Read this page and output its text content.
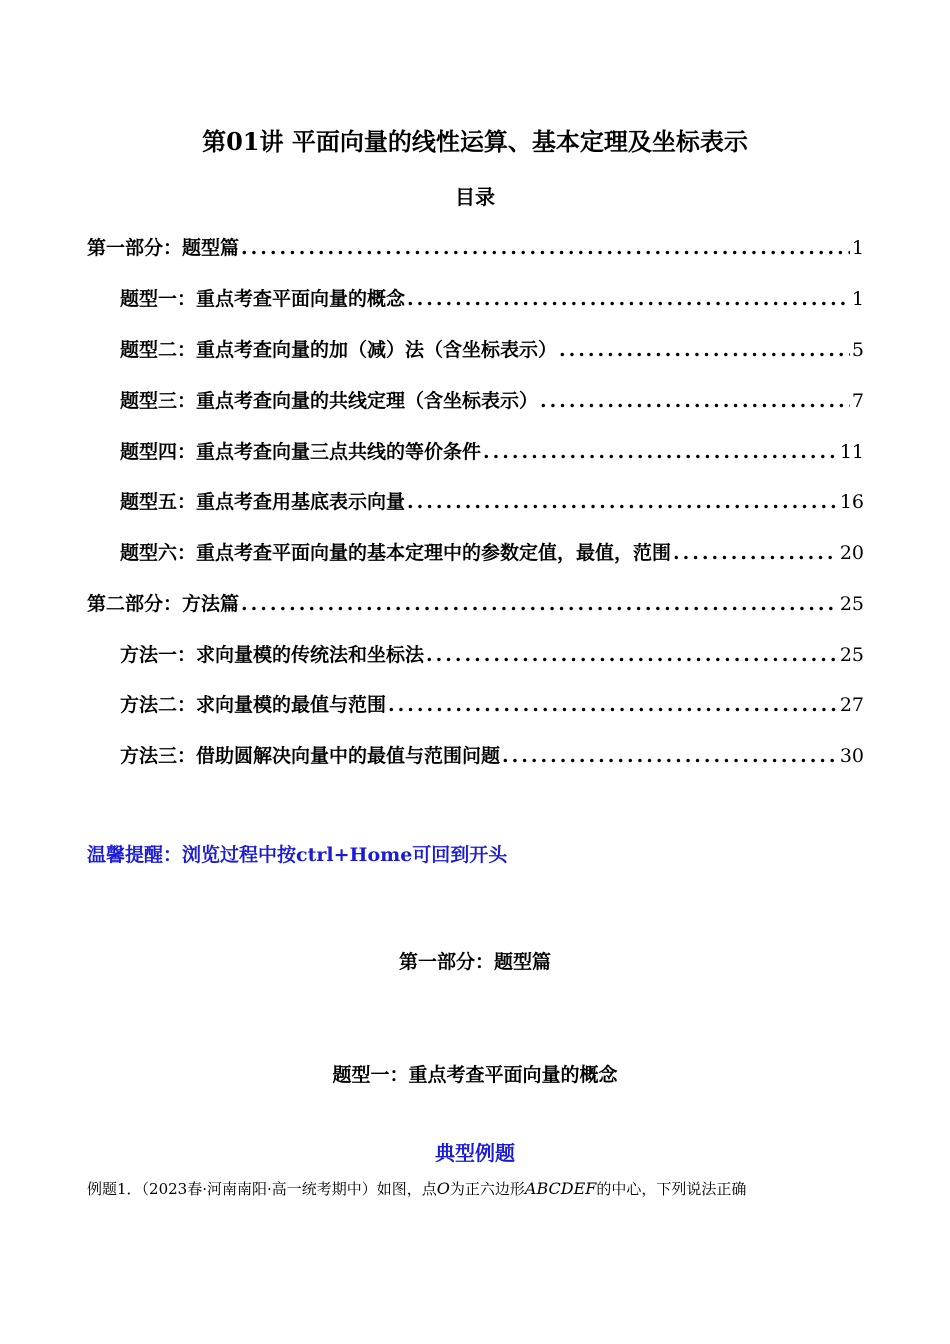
第01讲 平面向量的线性运算、基本定理及坐标表示
目录
第一部分：题型篇 .....	1
题型一：重点考查平面向量的概念 .....	1
题型二：重点考查向量的加（减）法（含坐标表示） .....	5
题型三：重点考查向量的共线定理（含坐标表示） .....	7
题型四：重点考查向量三点共线的等价条件 .....	11
题型五：重点考查用基底表示向量 .....	16
题型六：重点考查平面向量的基本定理中的参数定值，最值，范围 .....	20
第二部分：方法篇 .....	25
方法一：求向量模的传统法和坐标法 .....	25
方法二：求向量模的最值与范围 .....	27
方法三：借助圆解决向量中的最值与范围问题 .....	30
温馨提醒：浏览过程中按ctrl+Home可回到开头
第一部分：题型篇
题型一：重点考查平面向量的概念
典型例题
例题1．（2023春·河南南阳·高一统考期中）如图，点O为正六边形ABCDEF的中心，下列说法正确
